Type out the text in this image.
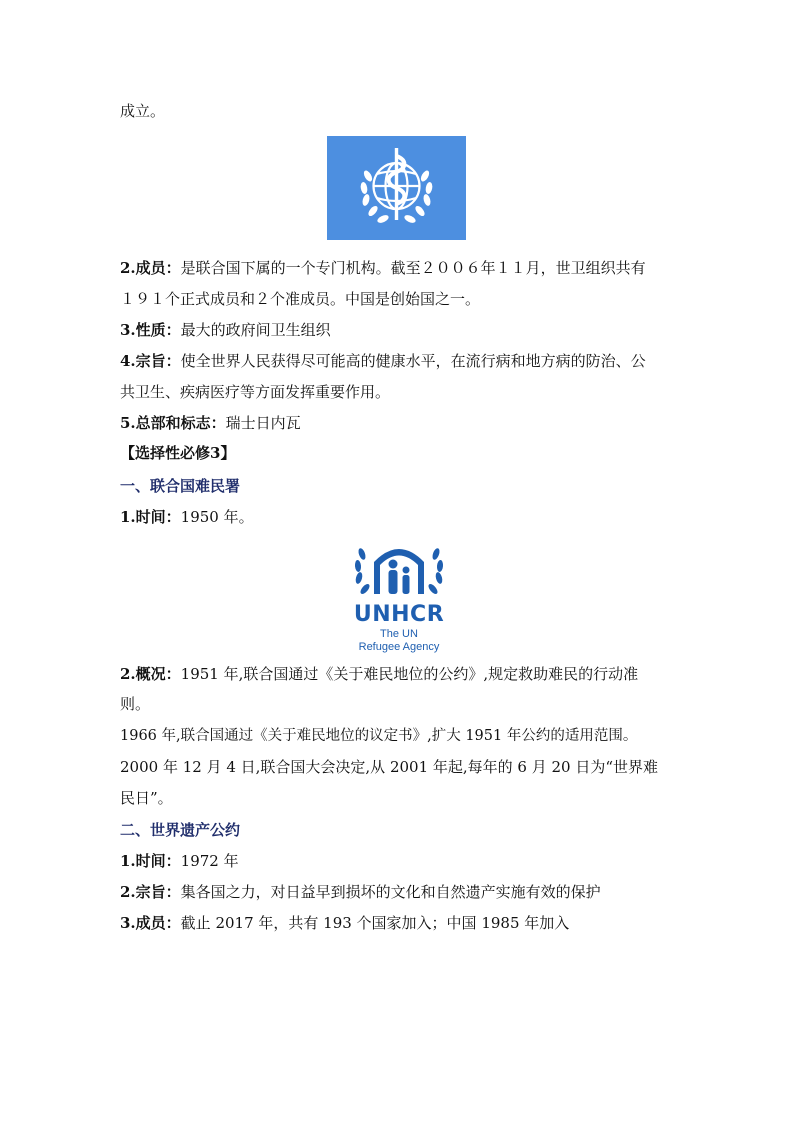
成立。
2.成员：是联合国下属的一个专门机构。截至２００６年１１月，世卫组织共有
１９１个正式成员和２个准成员。中国是创始国之一。
3.性质：最大的政府间卫生组织
4.宗旨：使全世界人民获得尽可能高的健康水平，在流行病和地方病的防治、公
共卫生、疾病医疗等方面发挥重要作用。
5.总部和标志：瑞士日内瓦
【选择性必修3】
一、联合国难民署
1.时间：1950 年。
UNHCR
The UN
Refugee Agency
2.概况：1951 年,联合国通过《关于难民地位的公约》,规定救助难民的行动准
则。
1966 年,联合国通过《关于难民地位的议定书》,扩大 1951 年公约的适用范围。
2000 年 12 月 4 日,联合国大会决定,从 2001 年起,每年的 6 月 20 日为“世界难
民日”。
二、世界遗产公约
1.时间：1972 年
2.宗旨：集各国之力，对日益早到损坏的文化和自然遗产实施有效的保护
3.成员：截止 2017 年，共有 193 个国家加入；中国 1985 年加入
